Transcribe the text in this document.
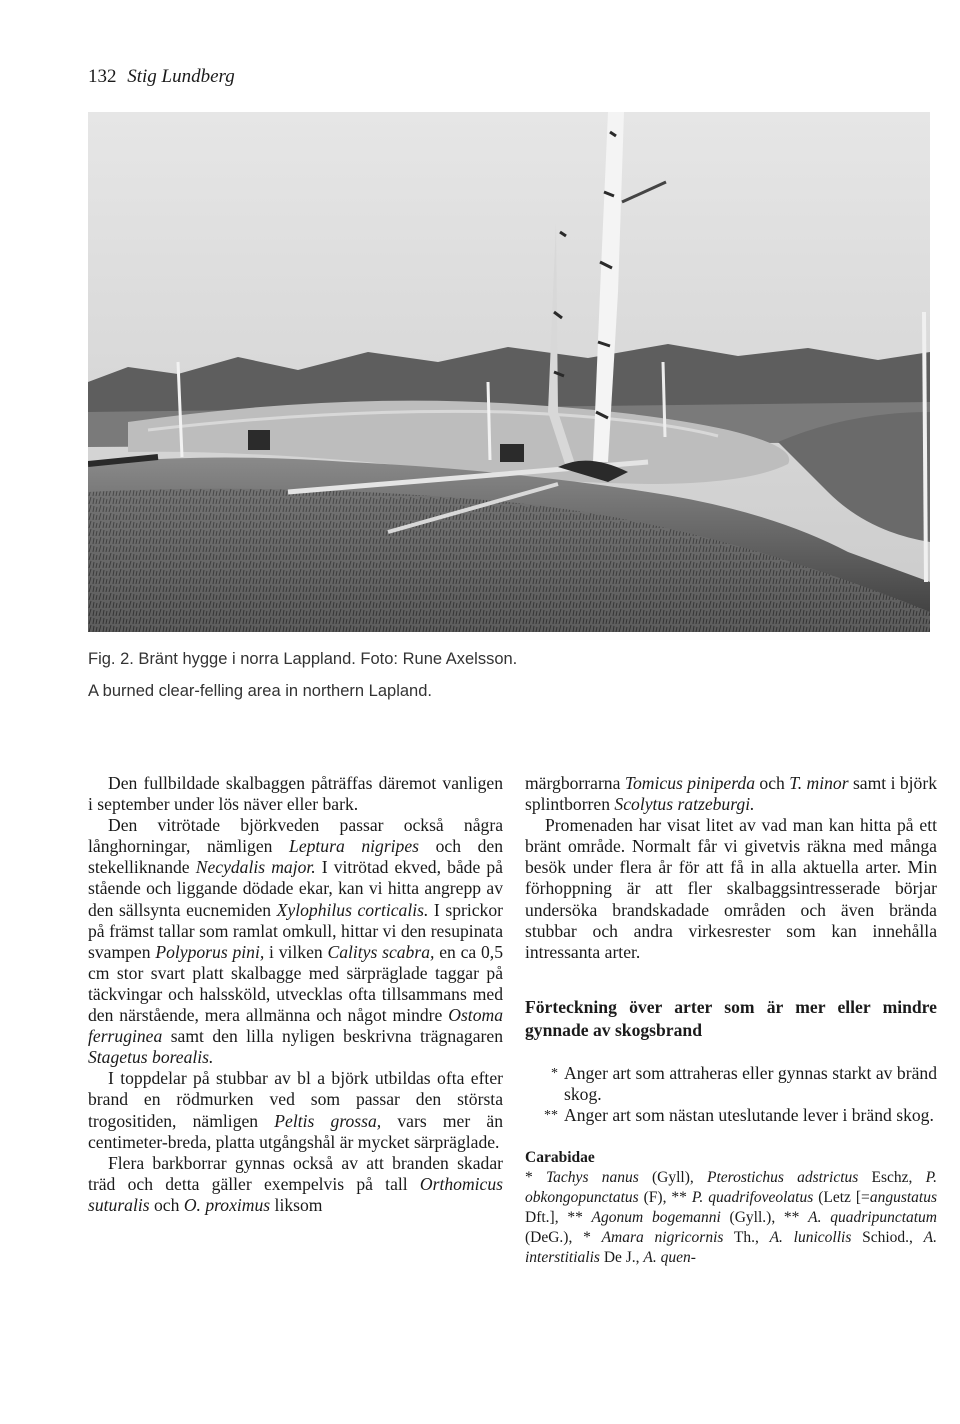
132 Stig Lundberg
Fig. 2. Bränt hygge i norra Lappland. Foto: Rune Axelsson.
A burned clear-felling area in northern Lapland.

Den fullbildade skalbaggen påträffas däremot vanligen i september under lös näver eller bark.

Den vitrötade björkveden passar också några långhorningar, nämligen Leptura nigripes och den stekelliknande Necydalis major. I vitrötad ekved, både på stående och liggande dödade ekar, kan vi hitta angrepp av den sällsynta eucnemiden Xylophilus corticalis. I sprickor på främst tallar som ramlat omkull, hittar vi den resupinata svampen Polyporus pini, i vilken Calitys scabra, en ca 0,5 cm stor svart platt skalbagge med särpräglade taggar på täckvingar och halssköld, utvecklas ofta tillsammans med den närstående, mera allmänna och något mindre Ostoma ferruginea samt den lilla nyligen beskrivna trägnagaren Stagetus borealis.

I toppdelar på stubbar av bl a björk utbildas ofta efter brand en rödmurken ved som passar den största trogositiden, nämligen Peltis grossa, vars mer än centimeter-breda, platta utgångshål är mycket särpräglade.

Flera barkborrar gynnas också av att branden skadar träd och detta gäller exempelvis på tall Orthomicus suturalis och O. proximus liksom

märgborrarna Tomicus piniperda och T. minor samt i björk splintborren Scolytus ratzeburgi.

Promenaden har visat litet av vad man kan hitta på ett bränt område. Normalt får vi givetvis räkna med många besök under flera år för att få in alla aktuella arter. Min förhoppning är att fler skalbaggsintresserade börjar undersöka brandskadade områden och även brända stubbar och andra virkesrester som kan innehålla intressanta arter.

Förteckning över arter som är mer eller mindre gynnade av skogsbrand
* Anger art som attraheras eller gynnas starkt av bränd skog.
** Anger art som nästan uteslutande lever i bränd skog.
Carabidae
* Tachys nanus (Gyll), Pterostichus adstrictus Eschz, P. obkongopunctatus (F), ** P. quadrifoveolatus (Letz [=angustatus Dft.], ** Agonum bogemanni (Gyll.), ** A. quadripunctatum (DeG.), * Amara nigricornis Th., A. lunicollis Schiod., A. interstitialis De J., A. quen-
